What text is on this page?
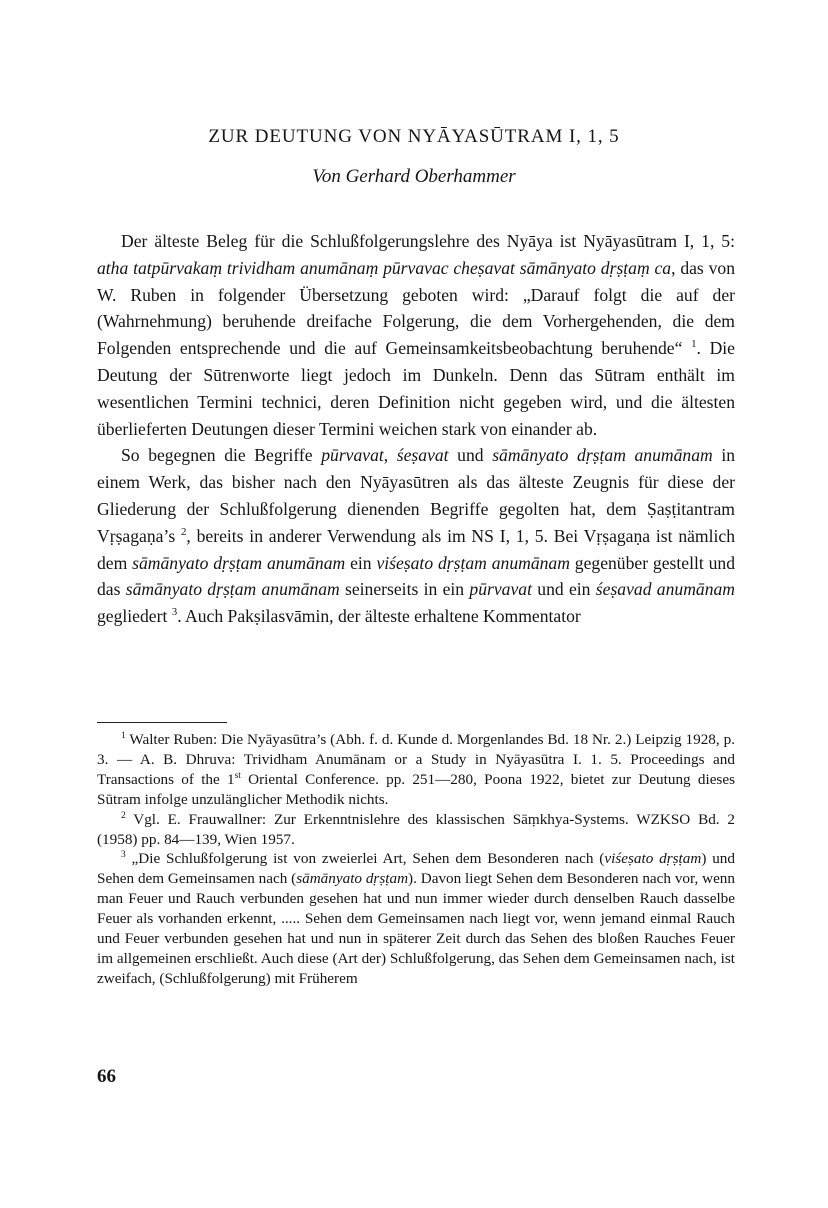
ZUR DEUTUNG VON NYĀYASŪTRAM I, 1, 5
Von Gerhard Oberhammer

Der älteste Beleg für die Schlußfolgerungslehre des Nyāya ist Nyāyasūtram I, 1, 5: atha tatpūrvakaṃ trividham anumānaṃ pūrvavac cheṣavat sāmānyato dṛṣṭaṃ ca, das von W. Ruben in folgender Übersetzung geboten wird: „Darauf folgt die auf der (Wahrnehmung) beruhende dreifache Folgerung, die dem Vorhergehenden, die dem Folgenden entsprechende und die auf Gemeinsamkeitsbeobachtung beruhende“ $^1$. Die Deutung der Sūtrenworte liegt jedoch im Dunkeln. Denn das Sūtram enthält im wesentlichen Termini technici, deren Definition nicht gegeben wird, und die ältesten überlieferten Deutungen dieser Termini weichen stark von einander ab.

So begegnen die Begriffe pūrvavat, śeṣavat und sāmānyato dṛṣṭam anumānam in einem Werk, das bisher nach den Nyāyasūtren als das älteste Zeugnis für diese der Gliederung der Schlußfolgerung dienenden Begriffe gegolten hat, dem Ṣaṣṭitantram Vṛṣagaṇa’s $^2$, bereits in anderer Verwendung als im NS I, 1, 5. Bei Vṛṣagaṇa ist nämlich dem sāmānyato dṛṣṭam anumānam ein viśeṣato dṛṣṭam anumānam gegenüber gestellt und das sāmānyato dṛṣṭam anumānam seinerseits in ein pūrvavat und ein śeṣavad anumānam gegliedert $^3$. Auch Pakṣilasvāmin, der älteste erhaltene Kommentator

$^1$ Walter Ruben: Die Nyāyasūtra’s (Abh. f. d. Kunde d. Morgenlandes Bd. 18 Nr. 2.) Leipzig 1928, p. 3. — A. B. Dhruva: Trividham Anumānam or a Study in Nyāyasūtra I. 1. 5. Proceedings and Transactions of the 1st Oriental Conference. pp. 251—280, Poona 1922, bietet zur Deutung dieses Sūtram infolge unzulänglicher Methodik nichts.

$^2$ Vgl. E. Frauwallner: Zur Erkenntnislehre des klassischen Sāṃkhya-Systems. WZKSO Bd. 2 (1958) pp. 84—139, Wien 1957.

$^3$ „Die Schlußfolgerung ist von zweierlei Art, Sehen dem Besonderen nach (viśeṣato dṛṣṭam) und Sehen dem Gemeinsamen nach (sāmānyato dṛṣṭam). Davon liegt Sehen dem Besonderen nach vor, wenn man Feuer und Rauch verbunden gesehen hat und nun immer wieder durch denselben Rauch dasselbe Feuer als vorhanden erkennt, ..... Sehen dem Gemeinsamen nach liegt vor, wenn jemand einmal Rauch und Feuer verbunden gesehen hat und nun in späterer Zeit durch das Sehen des bloßen Rauches Feuer im allgemeinen erschließt. Auch diese (Art der) Schlußfolgerung, das Sehen dem Gemeinsamen nach, ist zweifach, (Schlußfolgerung) mit Früherem

66
